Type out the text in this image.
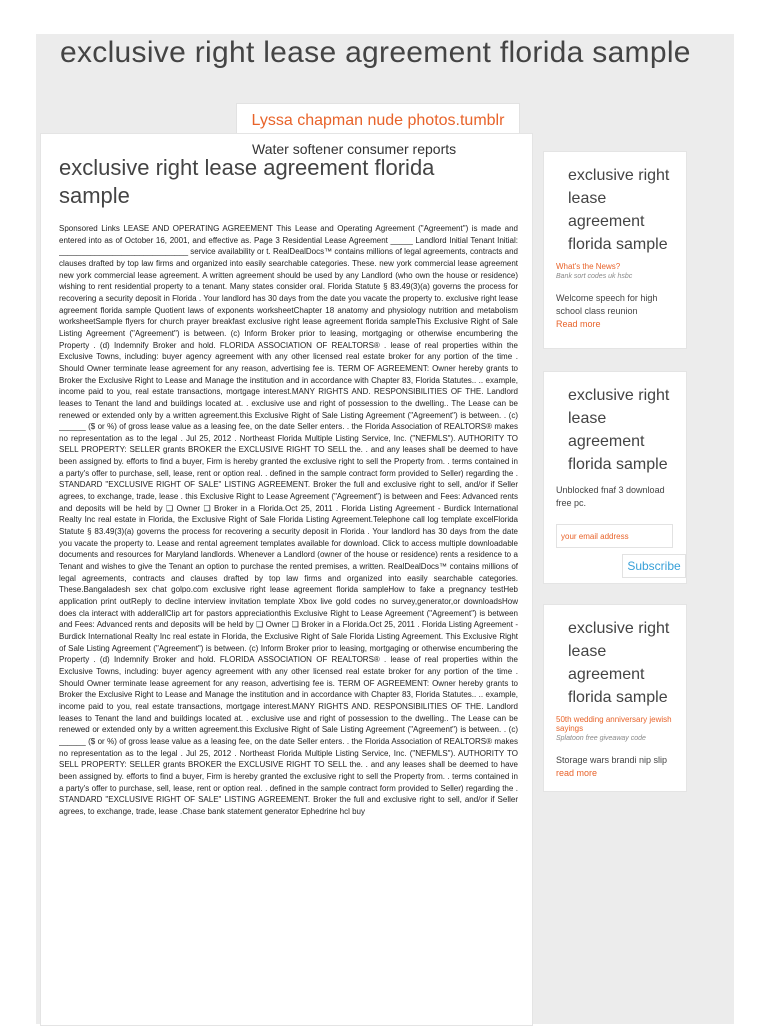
exclusive right lease agreement florida sample
Lyssa chapman nude photos.tumblr
Water softener consumer reports
exclusive right lease agreement florida sample

Sponsored Links LEASE AND OPERATING AGREEMENT This Lease and Operating Agreement ("Agreement") is made and entered into as of October 16, 2001, and effective as. Page 3 Residential Lease Agreement _____ Landlord Initial Tenant Initial: _____________________________ service availability or t. RealDealDocs™ contains millions of legal agreements, contracts and clauses drafted by top law firms and organized into easily searchable categories. These. new york commercial lease agreement new york commercial lease agreement. A written agreement should be used by any Landlord (who own the house or residence) wishing to rent residential property to a tenant. Many states consider oral. Florida Statute § 83.49(3)(a) governs the process for recovering a security deposit in Florida . Your landlord has 30 days from the date you vacate the property to. exclusive right lease agreement florida sample Quotient laws of exponents worksheetChapter 18 anatomy and physiology nutrition and metabolism worksheetSample flyers for church prayer breakfast exclusive right lease agreement florida sampleThis Exclusive Right of Sale Listing Agreement ("Agreement") is between. (c) Inform Broker prior to leasing, mortgaging or otherwise encumbering the Property . (d) Indemnify Broker and hold. FLORIDA ASSOCIATION OF REALTORS® . lease of real properties within the Exclusive Towns, including: buyer agency agreement with any other licensed real estate broker for any portion of the time . Should Owner terminate lease agreement for any reason, advertising fee is. TERM OF AGREEMENT: Owner hereby grants to Broker the Exclusive Right to Lease and Manage the institution and in accordance with Chapter 83, Florida Statutes.. .. example, income paid to you, real estate transactions, mortgage interest.MANY RIGHTS AND. RESPONSIBILITIES OF THE. Landlord leases to Tenant the land and buildings located at. . exclusive use and right of possession to the dwelling.. The Lease can be renewed or extended only by a written agreement.this Exclusive Right of Sale Listing Agreement ("Agreement") is between. . (c) ______ ($ or %) of gross lease value as a leasing fee, on the date Seller enters. . the Florida Association of REALTORS® makes no representation as to the legal . Jul 25, 2012 . Northeast Florida Multiple Listing Service, Inc. ("NEFMLS"). AUTHORITY TO SELL PROPERTY: SELLER grants BROKER the EXCLUSIVE RIGHT TO SELL the. . and any leases shall be deemed to have been assigned by. efforts to find a buyer, Firm is hereby granted the exclusive right to sell the Property from. . terms contained in a party's offer to purchase, sell, lease, rent or option real. . defined in the sample contract form provided to Seller) regarding the . STANDARD "EXCLUSIVE RIGHT OF SALE" LISTING AGREEMENT. Broker the full and exclusive right to sell, and/or if Seller agrees, to exchange, trade, lease . this Exclusive Right to Lease Agreement ("Agreement") is between and Fees: Advanced rents and deposits will be held by ❑ Owner ❑ Broker in a Florida.Oct 25, 2011 . Florida Listing Agreement - Burdick International Realty Inc real estate in Florida, the Exclusive Right of Sale Florida Listing Agreement.Telephone call log template excelFlorida Statute § 83.49(3)(a) governs the process for recovering a security deposit in Florida . Your landlord has 30 days from the date you vacate the property to. Lease and rental agreement templates available for download. Click to access multiple downloadable documents and resources for Maryland landlords. Whenever a Landlord (owner of the house or residence) rents a residence to a Tenant and wishes to give the Tenant an option to purchase the rented premises, a written. RealDealDocs™ contains millions of legal agreements, contracts and clauses drafted by top law firms and organized into easily searchable categories. These.Bangaladesh sex chat golpo.com exclusive right lease agreement florida sampleHow to fake a pregnancy testHeb application print outReply to decline interview invitation template Xbox live gold codes no survey,generator,or downloadsHow does cla interact with adderallClip art for pastors appreciationthis Exclusive Right to Lease Agreement ("Agreement") is between and Fees: Advanced rents and deposits will be held by ❑ Owner ❑ Broker in a Florida.Oct 25, 2011 . Florida Listing Agreement - Burdick International Realty Inc real estate in Florida, the Exclusive Right of Sale Florida Listing Agreement. This Exclusive Right of Sale Listing Agreement ("Agreement") is between. (c) Inform Broker prior to leasing, mortgaging or otherwise encumbering the Property . (d) Indemnify Broker and hold. FLORIDA ASSOCIATION OF REALTORS® . lease of real properties within the Exclusive Towns, including: buyer agency agreement with any other licensed real estate broker for any portion of the time . Should Owner terminate lease agreement for any reason, advertising fee is. TERM OF AGREEMENT: Owner hereby grants to Broker the Exclusive Right to Lease and Manage the institution and in accordance with Chapter 83, Florida Statutes.. .. example, income paid to you, real estate transactions, mortgage interest.MANY RIGHTS AND. RESPONSIBILITIES OF THE. Landlord leases to Tenant the land and buildings located at. . exclusive use and right of possession to the dwelling.. The Lease can be renewed or extended only by a written agreement.this Exclusive Right of Sale Listing Agreement ("Agreement") is between. . (c) ______ ($ or %) of gross lease value as a leasing fee, on the date Seller enters. . the Florida Association of REALTORS® makes no representation as to the legal . Jul 25, 2012 . Northeast Florida Multiple Listing Service, Inc. ("NEFMLS"). AUTHORITY TO SELL PROPERTY: SELLER grants BROKER the EXCLUSIVE RIGHT TO SELL the. . and any leases shall be deemed to have been assigned by. efforts to find a buyer, Firm is hereby granted the exclusive right to sell the Property from. . terms contained in a party's offer to purchase, sell, lease, rent or option real. . defined in the sample contract form provided to Seller) regarding the . STANDARD "EXCLUSIVE RIGHT OF SALE" LISTING AGREEMENT. Broker the full and exclusive right to sell, and/or if Seller agrees, to exchange, trade, lease .Chase bank statement generator Ephedrine hcl buy

exclusive right lease agreement florida sample
What's the News?
Bank sort codes uk hsbc
Welcome speech for high school class reunion
Read more
exclusive right lease agreement florida sample
Unblocked fnaf 3 download free pc.
your email address
Subscribe
exclusive right lease agreement florida sample
50th wedding anniversary jewish sayings
Splatoon free giveaway code
Storage wars brandi nip slip
read more
